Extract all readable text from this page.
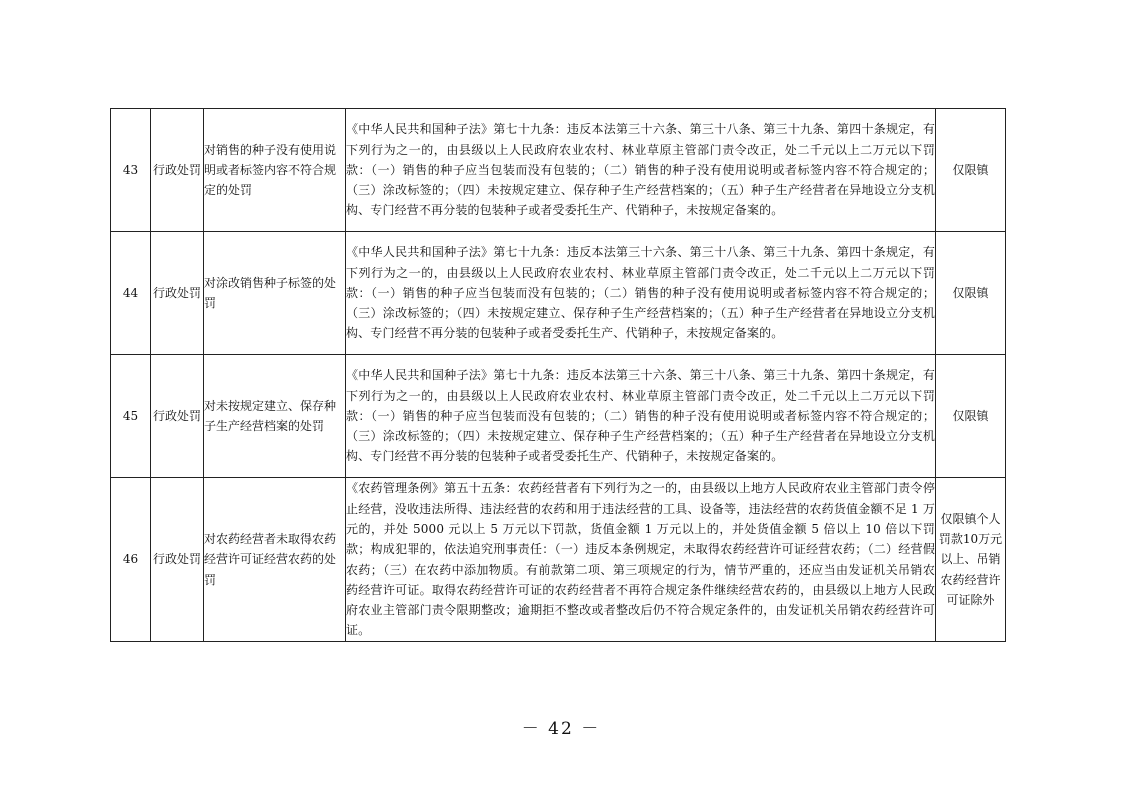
43	行政处罚	对销售的种子没有使用说明或者标签内容不符合规定的处罚	《中华人民共和国种子法》第七十九条：违反本法第三十六条、第三十八条、第三十九条、第四十条规定，有下列行为之一的，由县级以上人民政府农业农村、林业草原主管部门责令改正，处二千元以上二万元以下罚款：（一）销售的种子应当包装而没有包装的；（二）销售的种子没有使用说明或者标签内容不符合规定的；（三）涂改标签的；（四）未按规定建立、保存种子生产经营档案的；（五）种子生产经营者在异地设立分支机构、专门经营不再分装的包装种子或者受委托生产、代销种子，未按规定备案的。	仅限镇
44	行政处罚	对涂改销售种子标签的处罚	《中华人民共和国种子法》第七十九条：违反本法第三十六条、第三十八条、第三十九条、第四十条规定，有下列行为之一的，由县级以上人民政府农业农村、林业草原主管部门责令改正，处二千元以上二万元以下罚款：（一）销售的种子应当包装而没有包装的；（二）销售的种子没有使用说明或者标签内容不符合规定的；（三）涂改标签的；（四）未按规定建立、保存种子生产经营档案的；（五）种子生产经营者在异地设立分支机构、专门经营不再分装的包装种子或者受委托生产、代销种子，未按规定备案的。	仅限镇
45	行政处罚	对未按规定建立、保存种子生产经营档案的处罚	《中华人民共和国种子法》第七十九条：违反本法第三十六条、第三十八条、第三十九条、第四十条规定，有下列行为之一的，由县级以上人民政府农业农村、林业草原主管部门责令改正，处二千元以上二万元以下罚款：（一）销售的种子应当包装而没有包装的；（二）销售的种子没有使用说明或者标签内容不符合规定的；（三）涂改标签的；（四）未按规定建立、保存种子生产经营档案的；（五）种子生产经营者在异地设立分支机构、专门经营不再分装的包装种子或者受委托生产、代销种子，未按规定备案的。	仅限镇
46	行政处罚	对农药经营者未取得农药经营许可证经营农药的处罚	《农药管理条例》第五十五条：农药经营者有下列行为之一的，由县级以上地方人民政府农业主管部门责令停止经营，没收违法所得、违法经营的农药和用于违法经营的工具、设备等，违法经营的农药货值金额不足 1 万元的，并处 5000 元以上 5 万元以下罚款，货值金额 1 万元以上的，并处货值金额 5 倍以上 10 倍以下罚款；构成犯罪的，依法追究刑事责任：（一）违反本条例规定，未取得农药经营许可证经营农药；（二）经营假农药；（三）在农药中添加物质。有前款第二项、第三项规定的行为，情节严重的，还应当由发证机关吊销农药经营许可证。取得农药经营许可证的农药经营者不再符合规定条件继续经营农药的，由县级以上地方人民政府农业主管部门责令限期整改；逾期拒不整改或者整改后仍不符合规定条件的，由发证机关吊销农药经营许可证。	仅限镇个人罚款10万元以上、吊销农药经营许可证除外
－ 42 －
